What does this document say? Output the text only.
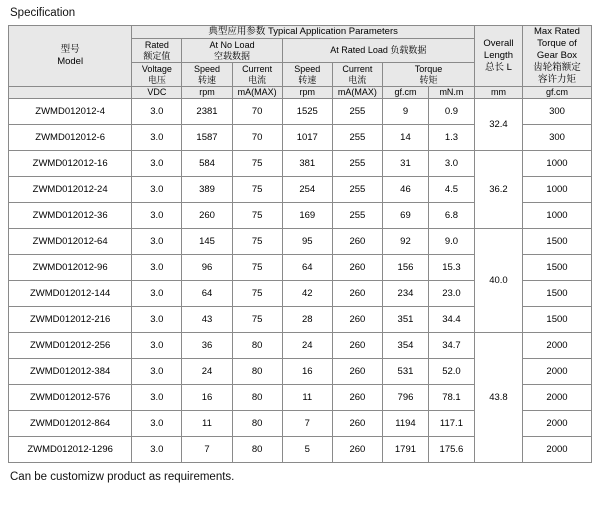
Specification
型号
Model	典型应用参数 Typical Application Parameters							Overall
Length
总长 L	Max Rated
Torque of
Gear Box
齿轮箱额定
容许力矩

	Rated
额定值	At No Load
空载数据		At Rated Load 负载数据					

	Voltage
电压	Speed
转速	Current
电流	Speed
转速	Current
电流	Torque
转矩			

	VDC	rpm	mA(MAX)	rpm	mA(MAX)	gf.cm	mN.m	mm	gf.cm
ZWMD012012-4	3.0	2381	70	1525	255	9	0.9	32.4	300
ZWMD012012-6	3.0	1587	70	1017	255	14	1.3		300
ZWMD012012-16	3.0	584	75	381	255	31	3.0	36.2	1000
ZWMD012012-24	3.0	389	75	254	255	46	4.5		1000
ZWMD012012-36	3.0	260	75	169	255	69	6.8		1000
ZWMD012012-64	3.0	145	75	95	260	92	9.0	40.0	1500
ZWMD012012-96	3.0	96	75	64	260	156	15.3		1500
ZWMD012012-144	3.0	64	75	42	260	234	23.0		1500
ZWMD012012-216	3.0	43	75	28	260	351	34.4		1500
ZWMD012012-256	3.0	36	80	24	260	354	34.7	43.8	2000
ZWMD012012-384	3.0	24	80	16	260	531	52.0		2000
ZWMD012012-576	3.0	16	80	11	260	796	78.1		2000
ZWMD012012-864	3.0	11	80	7	260	1194	117.1		2000
ZWMD012012-1296	3.0	7	80	5	260	1791	175.6		2000
Can be customizw product as requirements.
